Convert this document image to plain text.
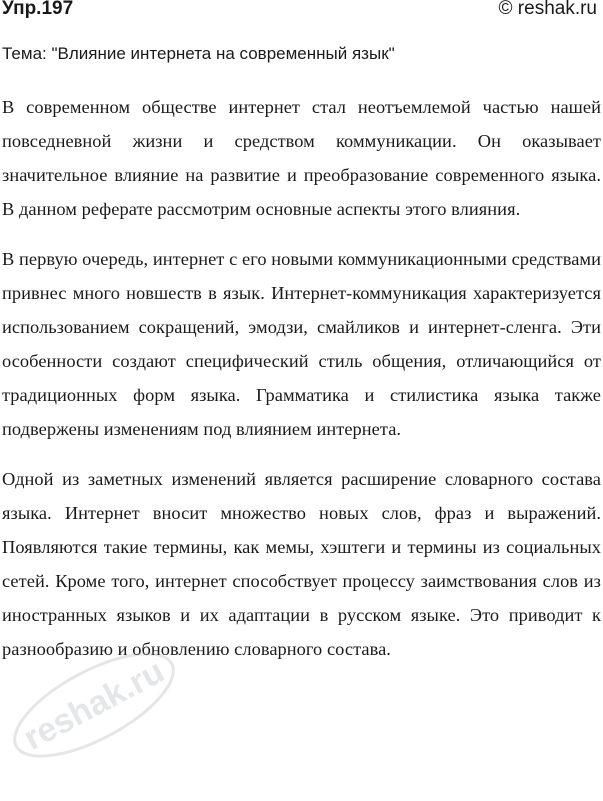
Упр.197	© reshak.ru
Тема: "Влияние интернета на современный язык"

В современном обществе интернет стал неотъемлемой частью нашей повседневной жизни и средством коммуникации. Он оказывает значительное влияние на развитие и преобразование современного языка. В данном реферате рассмотрим основные аспекты этого влияния.

В первую очередь, интернет с его новыми коммуникационными средствами привнес много новшеств в язык. Интернет-коммуникация характеризуется использованием сокращений, эмодзи, смайликов и интернет-сленга. Эти особенности создают специфический стиль общения, отличающийся от традиционных форм языка. Грамматика и стилистика языка также подвержены изменениям под влиянием интернета.

Одной из заметных изменений является расширение словарного состава языка. Интернет вносит множество новых слов, фраз и выражений. Появляются такие термины, как мемы, хэштеги и термины из социальных сетей. Кроме того, интернет способствует процессу заимствования слов из иностранных языков и их адаптации в русском языке. Это приводит к разнообразию и обновлению словарного состава.

reshak.ru
